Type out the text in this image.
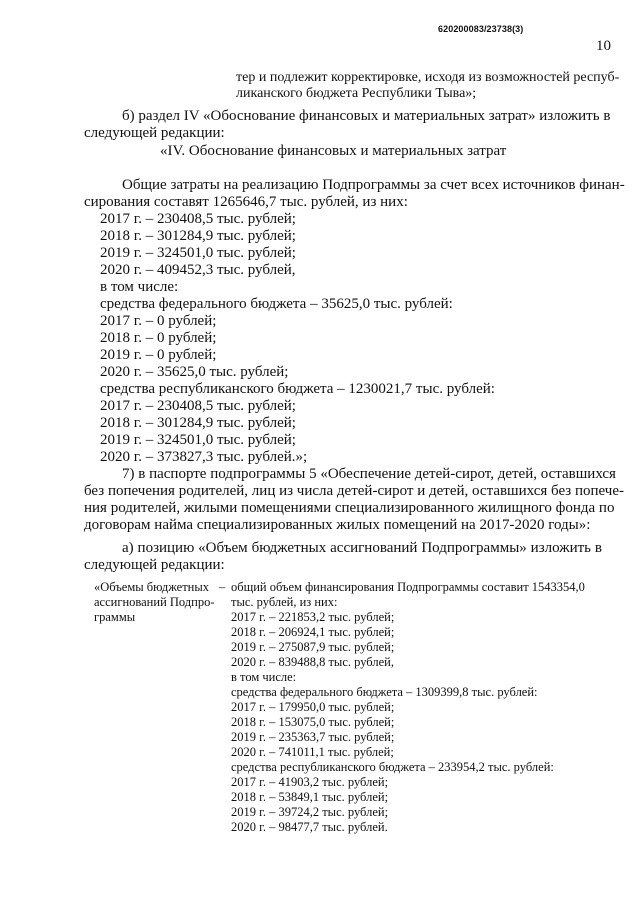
620200083/23738(3)
10
тер и подлежит корректировке, исходя из возможностей респуб-
ликанского бюджета Республики Тыва»;
б) раздел IV «Обоснование финансовых и материальных затрат» изложить в
следующей редакции:
«IV. Обоснование финансовых и материальных затрат
Общие затраты на реализацию Подпрограммы за счет всех источников финан-
сирования составят 1265646,7 тыс. рублей, из них:
2017 г. – 230408,5 тыс. рублей;
2018 г. – 301284,9 тыс. рублей;
2019 г. – 324501,0 тыс. рублей;
2020 г. – 409452,3 тыс. рублей,
в том числе:
средства федерального бюджета – 35625,0 тыс. рублей:
2017 г. – 0 рублей;
2018 г. – 0 рублей;
2019 г. – 0 рублей;
2020 г. – 35625,0 тыс. рублей;
средства республиканского бюджета – 1230021,7 тыс. рублей:
2017 г. – 230408,5 тыс. рублей;
2018 г. – 301284,9 тыс. рублей;
2019 г. – 324501,0 тыс. рублей;
2020 г. – 373827,3 тыс. рублей.»;
7) в паспорте подпрограммы 5 «Обеспечение детей-сирот, детей, оставшихся
без попечения родителей, лиц из числа детей-сирот и детей, оставшихся без попече-
ния родителей, жилыми помещениями специализированного жилищного фонда по
договорам найма специализированных жилых помещений на 2017-2020 годы»:
а) позицию «Объем бюджетных ассигнований Подпрограммы» изложить в
следующей редакции:
«Объемы бюджетных
ассигнований Подпро-
граммы
– общий объем финансирования Подпрограммы составит 1543354,0
тыс. рублей, из них:
2017 г. – 221853,2 тыс. рублей;
2018 г. – 206924,1 тыс. рублей;
2019 г. – 275087,9 тыс. рублей;
2020 г. – 839488,8 тыс. рублей,
в том числе:
средства федерального бюджета – 1309399,8 тыс. рублей:
2017 г. – 179950,0 тыс. рублей;
2018 г. – 153075,0 тыс. рублей;
2019 г. – 235363,7 тыс. рублей;
2020 г. – 741011,1 тыс. рублей;
средства республиканского бюджета – 233954,2 тыс. рублей:
2017 г. – 41903,2 тыс. рублей;
2018 г. – 53849,1 тыс. рублей;
2019 г. – 39724,2 тыс. рублей;
2020 г. – 98477,7 тыс. рублей.
